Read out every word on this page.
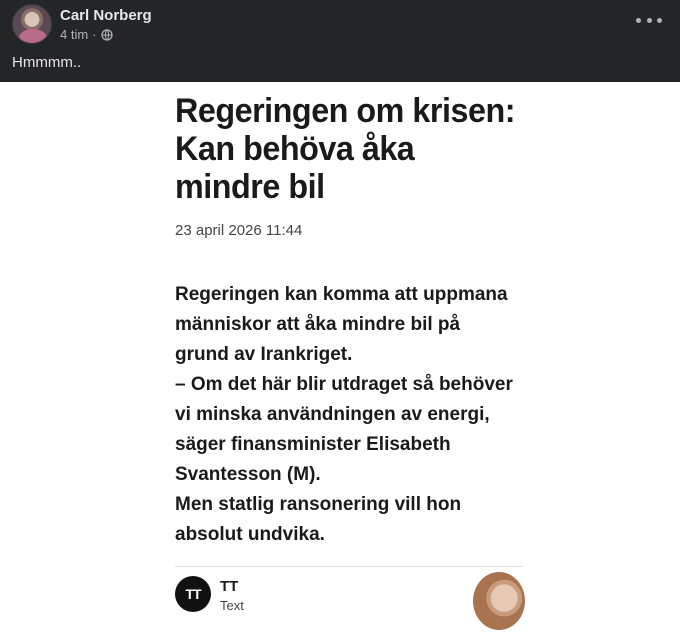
Carl Norberg
4 tim ·
Hmmmm..
Regeringen om krisen: Kan behöva åka mindre bil
23 april 2026 11:44

Regeringen kan komma att uppmana människor att åka mindre bil på grund av Irankriget.

– Om det här blir utdraget så behöver vi minska användningen av energi, säger finansminister Elisabeth Svantesson (M).

Men statlig ransonering vill hon absolut undvika.

TT	TT
Text
